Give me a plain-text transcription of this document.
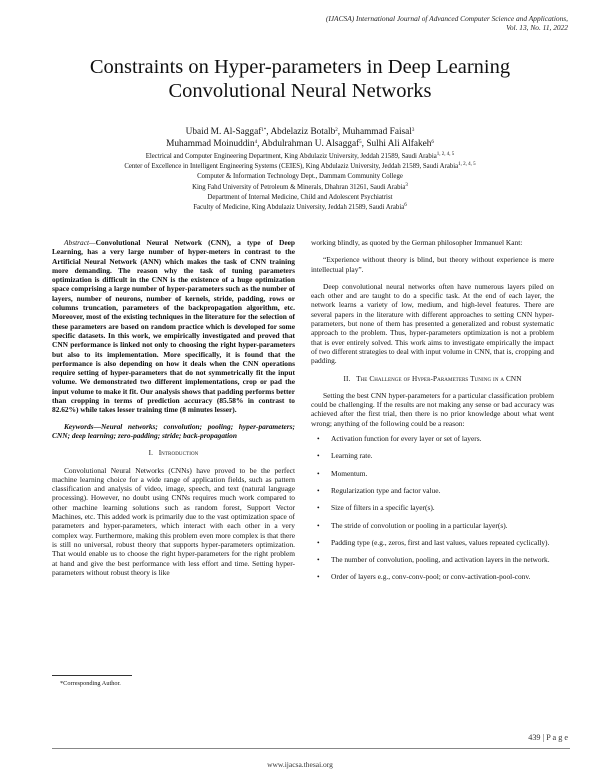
(IJACSA) International Journal of Advanced Computer Science and Applications,
Vol. 13, No. 11, 2022
Constraints on Hyper-parameters in Deep Learning
Convolutional Neural Networks
Ubaid M. Al-Saggaf$^{1*}$, Abdelaziz Botalb$^2$, Muhammad Faisal$^3$
Muhammad Moinuddin$^4$, Abdulrahman U. Alsaggaf$^5$, Sulhi Ali Alfakeh$^6$
Electrical and Computer Engineering Department, King Abdulaziz University, Jeddah 21589, Saudi Arabia$^{1, 2, 4, 5}$
Center of Excellence in Intelligent Engineering Systems (CEIES), King Abdulaziz University, Jeddah 21589, Saudi Arabia$^{1, 2, 4, 5}$
Computer & Information Technology Dept., Dammam Community College
King Fahd University of Petroleum & Minerals, Dhahran 31261, Saudi Arabia$^3$
Department of Internal Medicine, Child and Adolescent Psychiatrist
Faculty of Medicine, King Abdulaziz University, Jeddah 21589, Saudi Arabia$^6$

Abstract—Convolutional Neural Network (CNN), a type of Deep Learning, has a very large number of hyper-meters in contrast to the Artificial Neural Network (ANN) which makes the task of CNN training more demanding. The reason why the task of tuning parameters optimization is difficult in the CNN is the existence of a huge optimization space comprising a large number of hyper-parameters such as the number of layers, number of neurons, number of kernels, stride, padding, rows or columns truncation, parameters of the backpropagation algorithm, etc. Moreover, most of the existing techniques in the literature for the selection of these parameters are based on random practice which is developed for some specific datasets. In this work, we empirically investigated and proved that CNN performance is linked not only to choosing the right hyper-parameters but also to its implementation. More specifically, it is found that the performance is also depending on how it deals when the CNN operations require setting of hyper-parameters that do not symmetrically fit the input volume. We demonstrated two different implementations, crop or pad the input volume to make it fit. Our analysis shows that padding performs better than cropping in terms of prediction accuracy (85.58% in contrast to 82.62%) while takes lesser training time (8 minutes lesser).

Keywords—Neural networks; convolution; pooling; hyper-parameters; CNN; deep learning; zero-padding; stride; back-propagation

I. Introduction

Convolutional Neural Networks (CNNs) have proved to be the perfect machine learning choice for a wide range of application fields, such as pattern classification and analysis of video, image, speech, and text (natural language processing). However, no doubt using CNNs requires much work compared to other machine learning solutions such as random forest, Support Vector Machines, etc. This added work is primarily due to the vast optimization space of parameters and hyper-parameters, which interact with each other in a very complex way. Furthermore, making this problem even more complex is that there is still no universal, robust theory that supports hyper-parameters optimization. That would enable us to choose the right hyper-parameters for the right problem at hand and give the best performance with less effort and time. Setting hyper-parameters without robust theory is like

working blindly, as quoted by the German philosopher Immanuel Kant:

“Experience without theory is blind, but theory without experience is mere intellectual play”.

Deep convolutional neural networks often have numerous layers piled on each other and are taught to do a specific task. At the end of each layer, the network learns a variety of low, medium, and high-level features. There are several papers in the literature with different approaches to setting CNN hyper-parameters, but none of them has presented a generalized and robust systematic approach to the problem. Thus, hyper-parameters optimization is not a problem that is ever entirely solved. This work aims to investigate empirically the impact of two different strategies to deal with input volume in CNN, that is, cropping and padding.

II. The Challenge of Hyper-Parameters Tuning in a CNN

Setting the best CNN hyper-parameters for a particular classification problem could be challenging. If the results are not making any sense or bad accuracy was achieved after the first trial, then there is no prior knowledge about what went wrong; anything of the following could be a reason:

• Activation function for every layer or set of layers.
• Learning rate.
• Momentum.
• Regularization type and factor value.
• Size of filters in a specific layer(s).
• The stride of convolution or pooling in a particular layer(s).
• Padding type (e.g., zeros, first and last values, values repeated cyclically).
• The number of convolution, pooling, and activation layers in the network.
• Order of layers e.g., conv-conv-pool; or conv-activation-pool-conv.
*Corresponding Author.
439 | P a g e
www.ijacsa.thesai.org
